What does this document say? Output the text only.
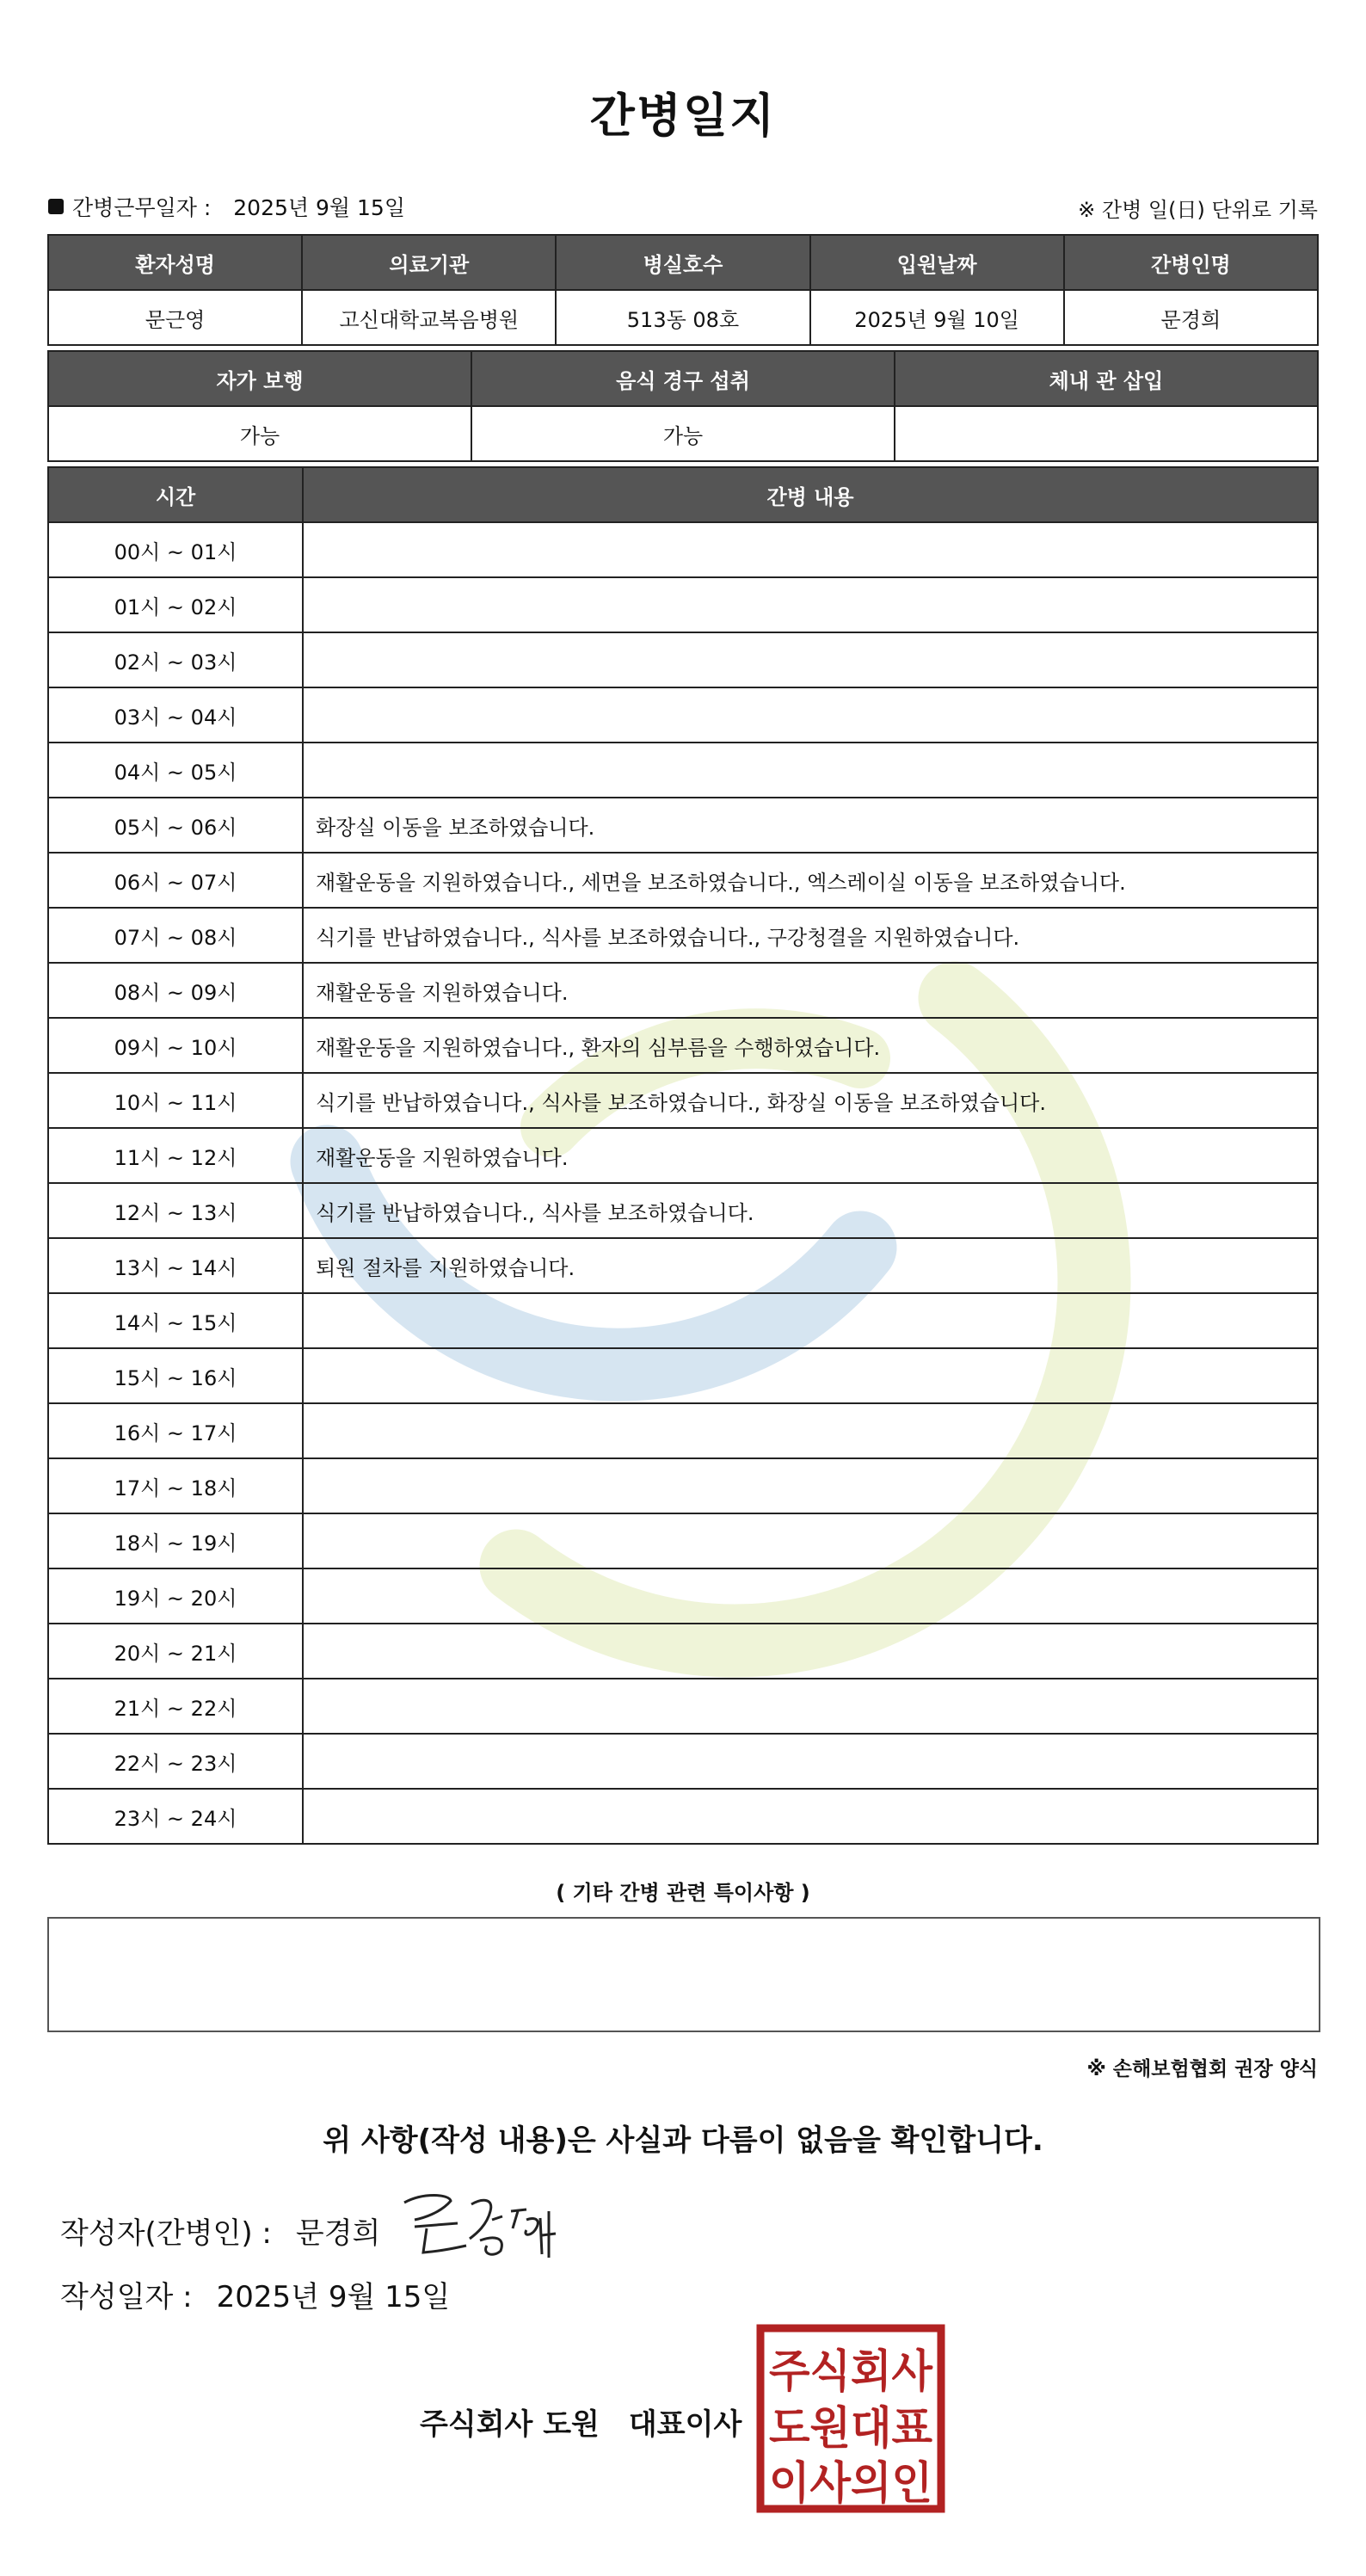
간병일지
간병근무일자 : 2025년 9월 15일	※ 간병 일(日) 단위로 기록
환자성명	의료기관	병실호수	입원날짜	간병인명
문근영	고신대학교복음병원	513동 08호	2025년 9월 10일	문경희
자가 보행	음식 경구 섭취	체내 관 삽입
가능	가능	
시간	간병 내용
00시 ~ 01시	
01시 ~ 02시	
02시 ~ 03시	
03시 ~ 04시	
04시 ~ 05시	
05시 ~ 06시	화장실 이동을 보조하였습니다.
06시 ~ 07시	재활운동을 지원하였습니다., 세면을 보조하였습니다., 엑스레이실 이동을 보조하였습니다.
07시 ~ 08시	식기를 반납하였습니다., 식사를 보조하였습니다., 구강청결을 지원하였습니다.
08시 ~ 09시	재활운동을 지원하였습니다.
09시 ~ 10시	재활운동을 지원하였습니다., 환자의 심부름을 수행하였습니다.
10시 ~ 11시	식기를 반납하였습니다., 식사를 보조하였습니다., 화장실 이동을 보조하였습니다.
11시 ~ 12시	재활운동을 지원하였습니다.
12시 ~ 13시	식기를 반납하였습니다., 식사를 보조하였습니다.
13시 ~ 14시	퇴원 절차를 지원하였습니다.
14시 ~ 15시	
15시 ~ 16시	
16시 ~ 17시	
17시 ~ 18시	
18시 ~ 19시	
19시 ~ 20시	
20시 ~ 21시	
21시 ~ 22시	
22시 ~ 23시	
23시 ~ 24시	
( 기타 간병 관련 특이사항 )
※ 손해보험협회 권장 양식
위 사항(작성 내용)은 사실과 다름이 없음을 확인합니다.
작성자(간병인) : 문경희
작성일자 : 2025년 9월 15일
주식회사 도원 대표이사
주식회사
도원대표
이사의인
